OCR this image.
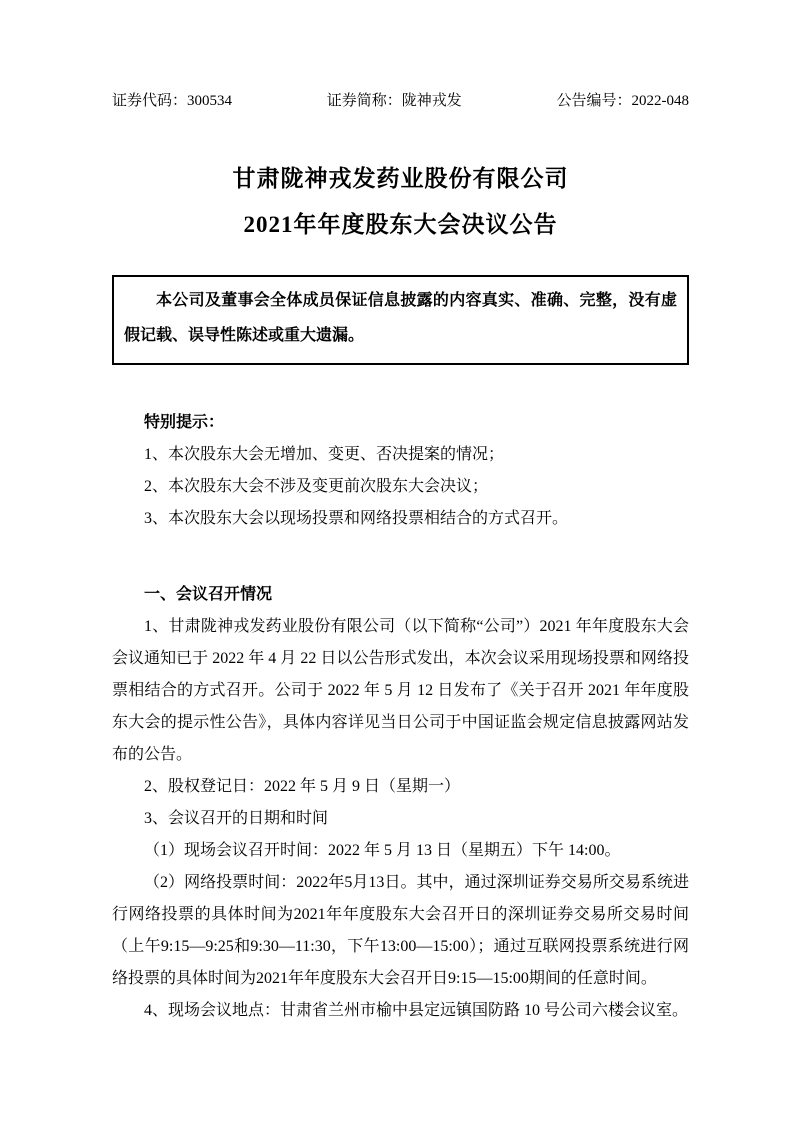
证券代码：300534	证券简称：陇神戎发	公告编号：2022-048
甘肃陇神戎发药业股份有限公司
2021年年度股东大会决议公告

本公司及董事会全体成员保证信息披露的内容真实、准确、完整，没有虚假记载、误导性陈述或重大遗漏。

特别提示：

1、本次股东大会无增加、变更、否决提案的情况；

2、本次股东大会不涉及变更前次股东大会决议；

3、本次股东大会以现场投票和网络投票相结合的方式召开。

一、会议召开情况

1、甘肃陇神戎发药业股份有限公司（以下简称“公司”）2021 年年度股东大会会议通知已于 2022 年 4 月 22 日以公告形式发出，本次会议采用现场投票和网络投票相结合的方式召开。公司于 2022 年 5 月 12 日发布了《关于召开 2021 年年度股东大会的提示性公告》，具体内容详见当日公司于中国证监会规定信息披露网站发布的公告。

2、股权登记日：2022 年 5 月 9 日（星期一）

3、会议召开的日期和时间

（1）现场会议召开时间：2022 年 5 月 13 日（星期五）下午 14:00。

（2）网络投票时间：2022年5月13日。其中，通过深圳证券交易所交易系统进行网络投票的具体时间为2021年年度股东大会召开日的深圳证券交易所交易时间（上午9:15—9:25和9:30—11:30，下午13:00—15:00）；通过互联网投票系统进行网络投票的具体时间为2021年年度股东大会召开日9:15—15:00期间的任意时间。

4、现场会议地点：甘肃省兰州市榆中县定远镇国防路 10 号公司六楼会议室。
